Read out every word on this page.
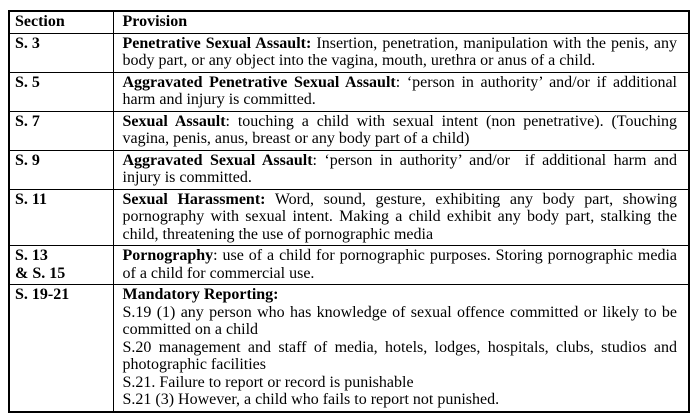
Section	Provision
S. 3	Penetrative Sexual Assault: Insertion, penetration, manipulation with the penis, any body part, or any object into the vagina, mouth, urethra or anus of a child.

S. 5	Aggravated Penetrative Sexual Assault: ‘person in authority’ and/or if additional harm and injury is committed.

S. 7	Sexual Assault: touching a child with sexual intent (non penetrative). (Touching vagina, penis, anus, breast or any body part of a child)

S. 9	Aggravated Sexual Assault: ‘person in authority’ and/or  if additional harm and injury is committed.

S. 11	Sexual Harassment: Word, sound, gesture, exhibiting any body part, showing pornography with sexual intent. Making a child exhibit any body part, stalking the child, threatening the use of pornographic media

S. 13
& S. 15	Pornography: use of a child for pornographic purposes. Storing pornographic media of a child for commercial use.

S. 19-21	Mandatory Reporting:

S.19 (1) any person who has knowledge of sexual offence committed or likely to be committed on a child

S.20 management and staff of media, hotels, lodges, hospitals, clubs, studios and photographic facilities

S.21. Failure to report or record is punishable

S.21 (3) However, a child who fails to report not punished.
